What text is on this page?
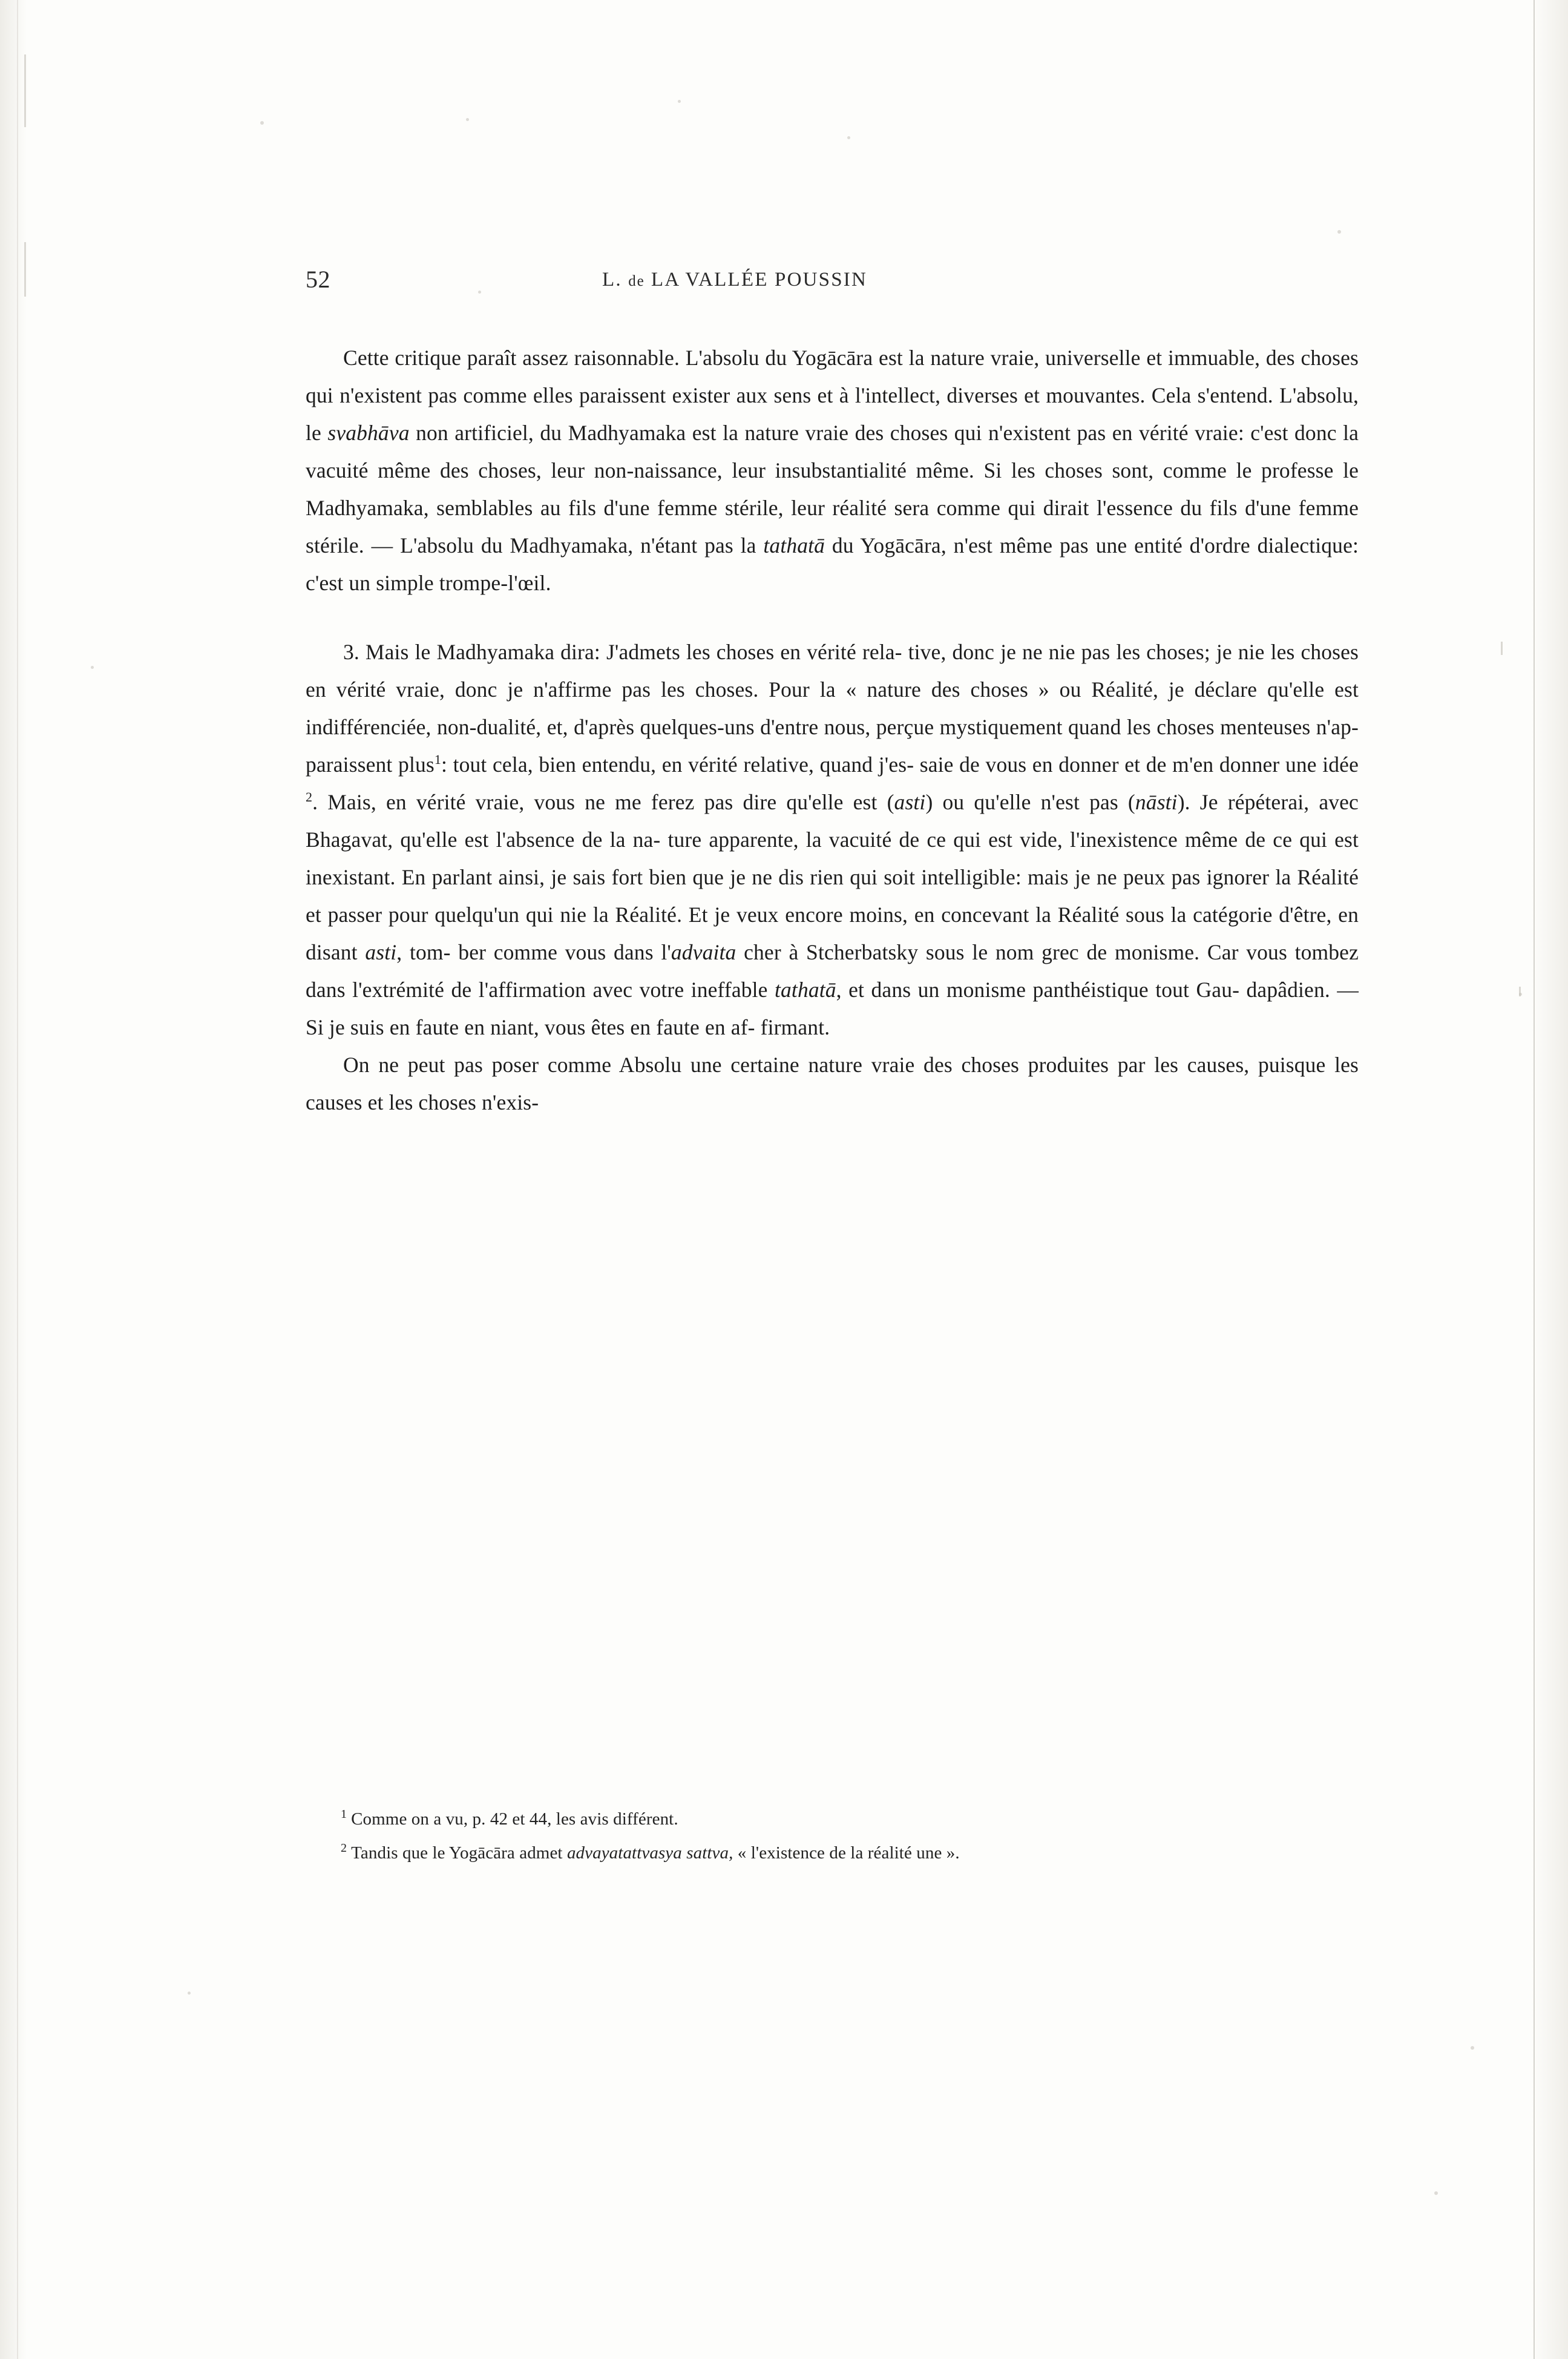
52	L. de LA VALLÉE POUSSIN

Cette critique paraît assez raisonnable. L'absolu du Yogācāra est la nature vraie, universelle et immuable, des choses qui n'existent pas comme elles paraissent exister aux sens et à l'intellect, diverses et mouvantes. Cela s'entend. L'absolu, le svabhāva non artificiel, du Madhyamaka est la nature vraie des choses qui n'existent pas en vérité vraie: c'est donc la vacuité même des choses, leur non-naissance, leur insubstantialité même. Si les choses sont, comme le professe le Madhyamaka, semblables au fils d'une femme stérile, leur réalité sera comme qui dirait l'essence du fils d'une femme stérile. — L'absolu du Madhyamaka, n'étant pas la tathatā du Yogācāra, n'est même pas une entité d'ordre dialectique: c'est un simple trompe-l'œil.

3. Mais le Madhyamaka dira: J'admets les choses en vérité rela- tive, donc je ne nie pas les choses; je nie les choses en vérité vraie, donc je n'affirme pas les choses. Pour la « nature des choses » ou Réalité, je déclare qu'elle est indifférenciée, non-dualité, et, d'après quelques-uns d'entre nous, perçue mystiquement quand les choses menteuses n'ap- paraissent plus$^1$: tout cela, bien entendu, en vérité relative, quand j'es- saie de vous en donner et de m'en donner une idée $^2$. Mais, en vérité vraie, vous ne me ferez pas dire qu'elle est (asti) ou qu'elle n'est pas (nāsti). Je répéterai, avec Bhagavat, qu'elle est l'absence de la na- ture apparente, la vacuité de ce qui est vide, l'inexistence même de ce qui est inexistant. En parlant ainsi, je sais fort bien que je ne dis rien qui soit intelligible: mais je ne peux pas ignorer la Réalité et passer pour quelqu'un qui nie la Réalité. Et je veux encore moins, en concevant la Réalité sous la catégorie d'être, en disant asti, tom- ber comme vous dans l'advaita cher à Stcherbatsky sous le nom grec de monisme. Car vous tombez dans l'extrémité de l'affirmation avec votre ineffable tathatā, et dans un monisme panthéistique tout Gau- dapâdien. — Si je suis en faute en niant, vous êtes en faute en af- firmant.

On ne peut pas poser comme Absolu une certaine nature vraie des choses produites par les causes, puisque les causes et les choses n'exis-

$^1$ Comme on a vu, p. 42 et 44, les avis différent.

$^2$ Tandis que le Yogācāra admet advayatattvasya sattva, « l'existence de la réalité une ».
